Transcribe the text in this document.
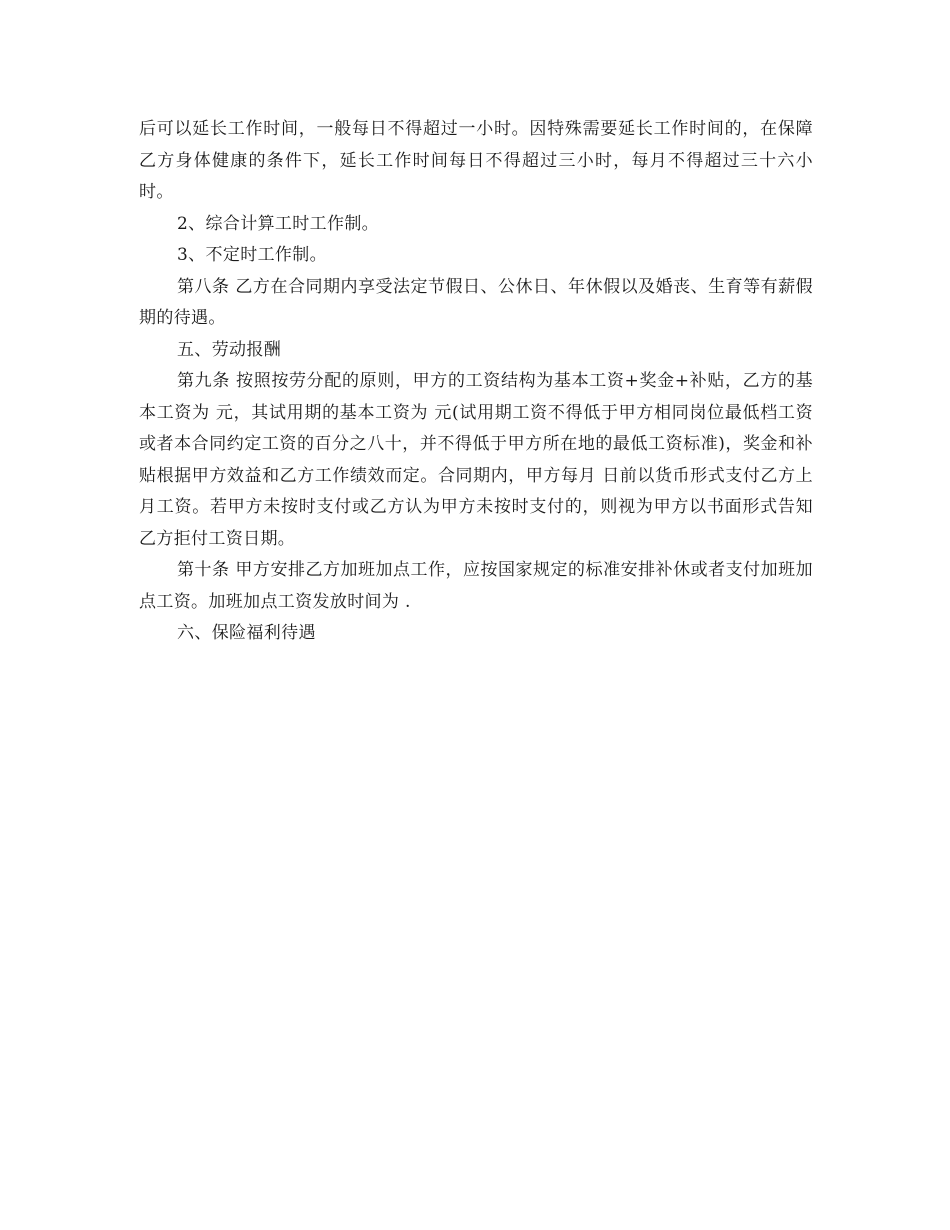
后可以延长工作时间，一般每日不得超过一小时。因特殊需要延长工作时间的，在保障乙方身体健康的条件下，延长工作时间每日不得超过三小时，每月不得超过三十六小时。

2、综合计算工时工作制。

3、不定时工作制。

第八条 乙方在合同期内享受法定节假日、公休日、年休假以及婚丧、生育等有薪假期的待遇。

五、劳动报酬

第九条 按照按劳分配的原则，甲方的工资结构为基本工资+奖金+补贴，乙方的基本工资为 元，其试用期的基本工资为 元(试用期工资不得低于甲方相同岗位最低档工资或者本合同约定工资的百分之八十，并不得低于甲方所在地的最低工资标准)，奖金和补贴根据甲方效益和乙方工作绩效而定。合同期内，甲方每月 日前以货币形式支付乙方上月工资。若甲方未按时支付或乙方认为甲方未按时支付的，则视为甲方以书面形式告知乙方拒付工资日期。

第十条 甲方安排乙方加班加点工作，应按国家规定的标准安排补休或者支付加班加点工资。加班加点工资发放时间为 .

六、保险福利待遇
